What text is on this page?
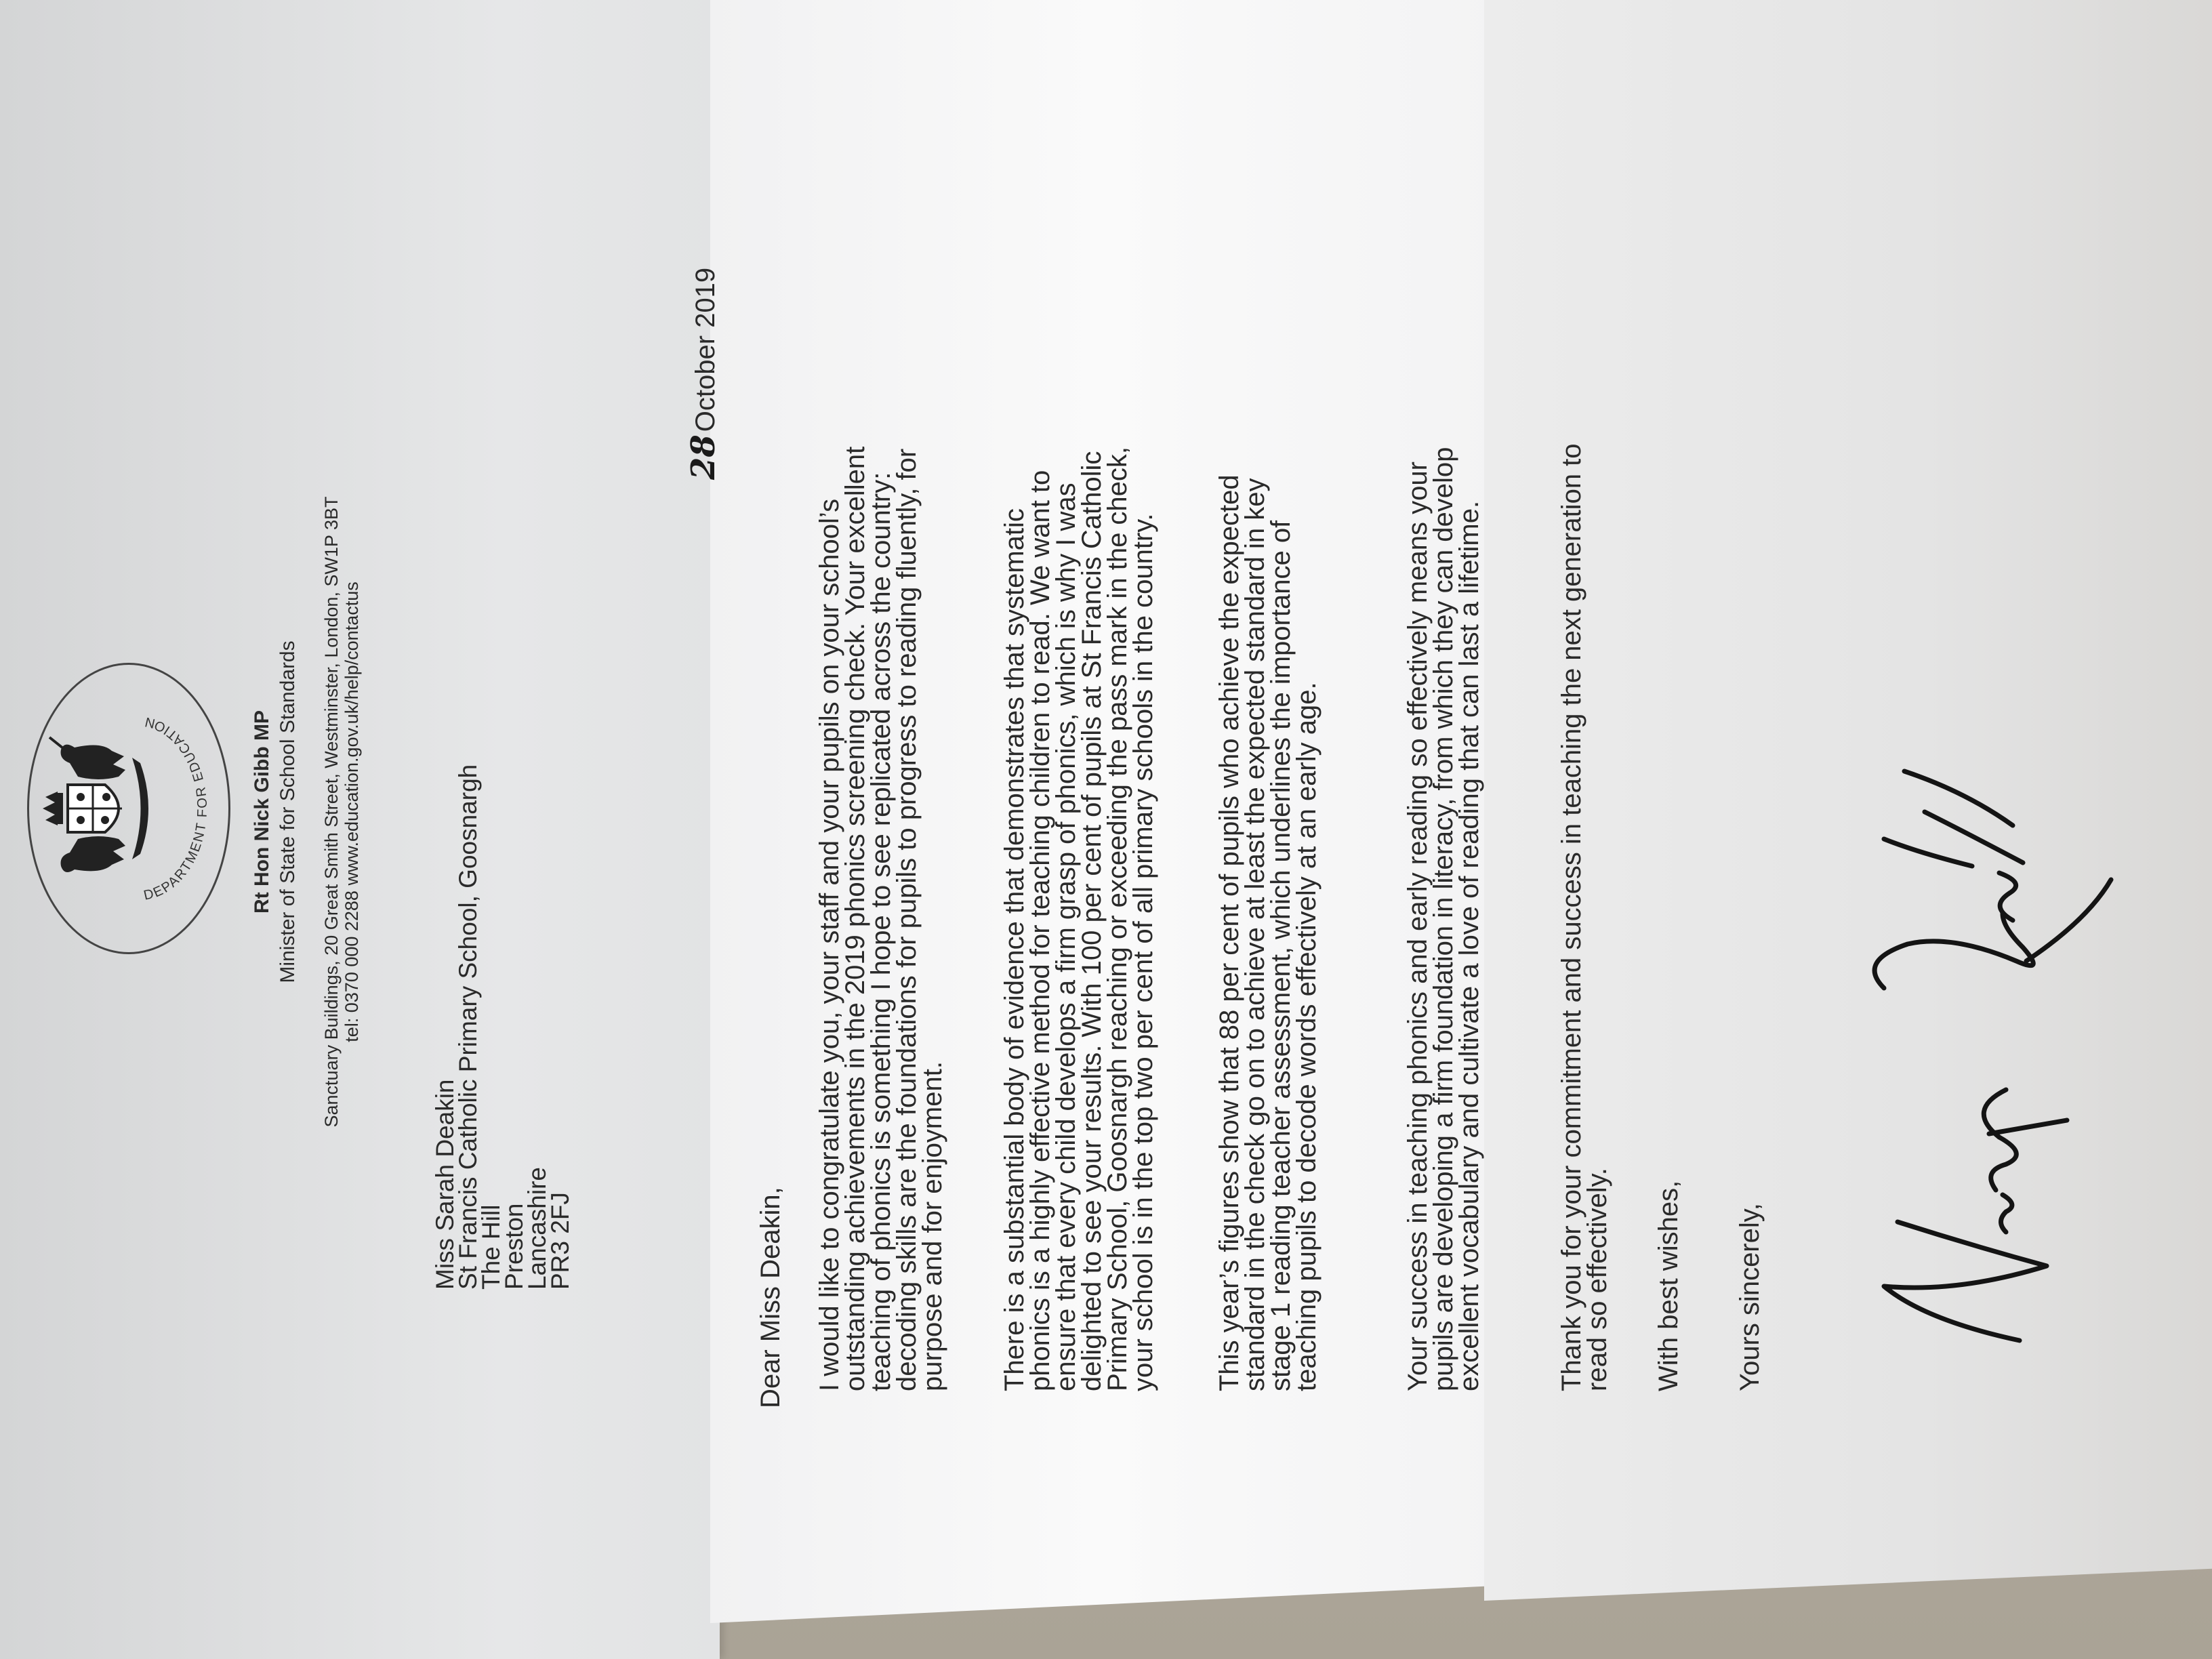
DEPARTMENT FOR EDUCATION	Rt Hon Nick Gibb MP Minister of State for School Standards Sanctuary Buildings, 20 Great Smith Street, Westminster, London, SW1P 3BT tel: 0370 000 2288 www.education.gov.uk/help/contactus
Miss Sarah Deakin
St Francis Catholic Primary School, Goosnargh
The Hill
Preston
Lancashire
PR3 2FJ
28October 2019
Dear Miss Deakin, I would like to congratulate you, your staff and your pupils on your school’s
outstanding achievements in the 2019 phonics screening check. Your excellent
teaching of phonics is something I hope to see replicated across the country:
decoding skills are the foundations for pupils to progress to reading fluently, for
purpose and for enjoyment. There is a substantial body of evidence that demonstrates that systematic
phonics is a highly effective method for teaching children to read. We want to
ensure that every child develops a firm grasp of phonics, which is why I was
delighted to see your results. With 100 per cent of pupils at St Francis Catholic
Primary School, Goosnargh reaching or exceeding the pass mark in the check,
your school is in the top two per cent of all primary schools in the country. This year’s figures show that 88 per cent of pupils who achieve the expected
standard in the check go on to achieve at least the expected standard in key
stage 1 reading teacher assessment, which underlines the importance of
teaching pupils to decode words effectively at an early age.	Your success in teaching phonics and early reading so effectively means your
pupils are developing a firm foundation in literacy, from which they can develop
excellent vocabulary and cultivate a love of reading that can last a lifetime.	Thank you for your commitment and success in teaching the next generation to
read so effectively. With best wishes, Yours sincerely,
